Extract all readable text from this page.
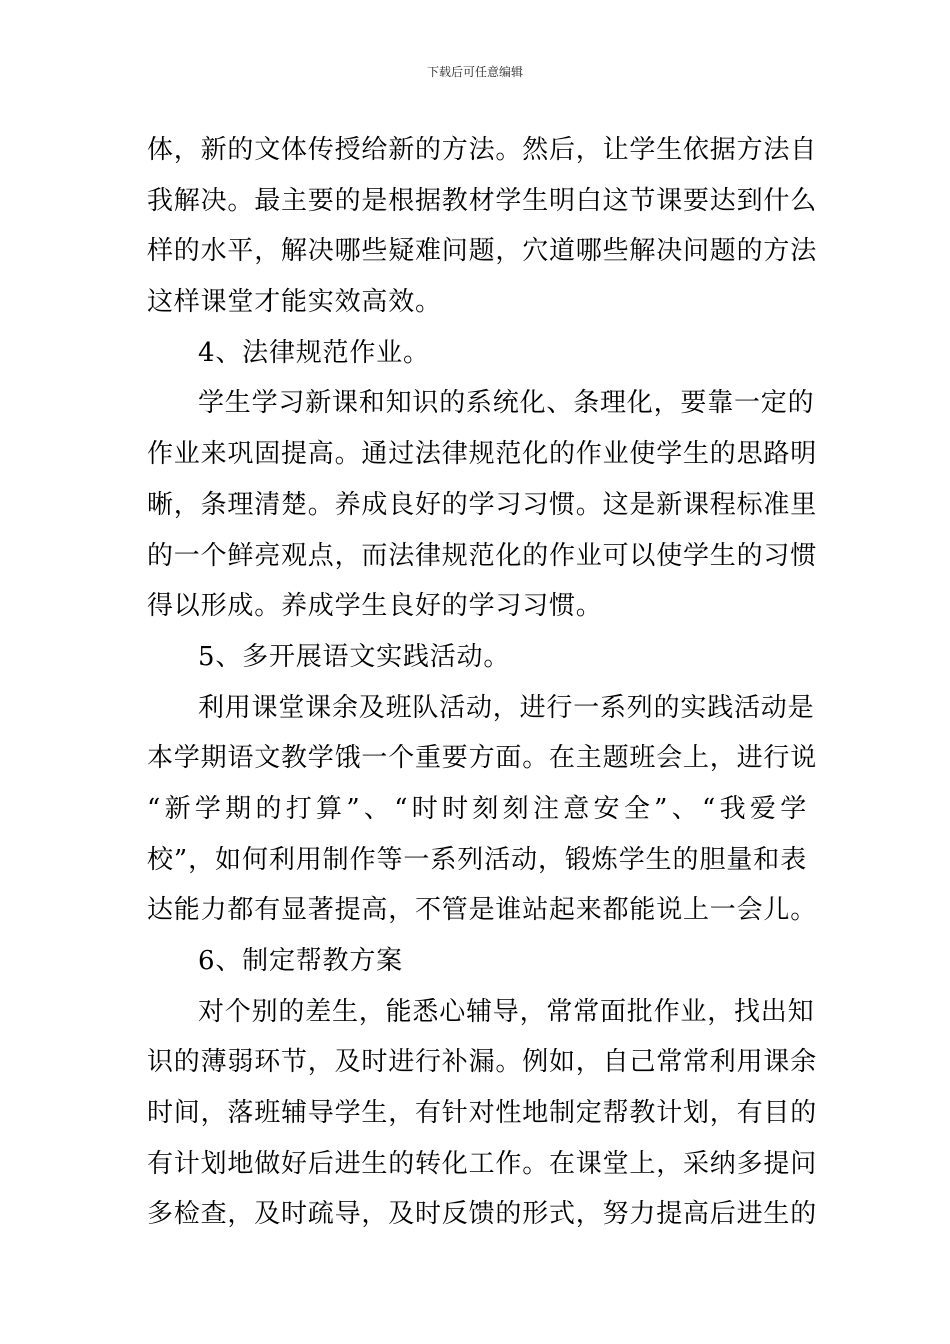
下载后可任意编辑
体，新的文体传授给新的方法。然后，让学生依据方法自
我解决。最主要的是根据教材学生明白这节课要达到什么
样的水平，解决哪些疑难问题，穴道哪些解决问题的方法
这样课堂才能实效高效。
4、法律规范作业。
学生学习新课和知识的系统化、条理化，要靠一定的
作业来巩固提高。通过法律规范化的作业使学生的思路明
晰，条理清楚。养成良好的学习习惯。这是新课程标准里
的一个鲜亮观点，而法律规范化的作业可以使学生的习惯
得以形成。养成学生良好的学习习惯。
5、多开展语文实践活动。
利用课堂课余及班队活动，进行一系列的实践活动是
本学期语文教学饿一个重要方面。在主题班会上，进行说
“新学期的打算”、“时时刻刻注意安全”、“我爱学
校”，如何利用制作等一系列活动，锻炼学生的胆量和表
达能力都有显著提高，不管是谁站起来都能说上一会儿。
6、制定帮教方案
对个别的差生，能悉心辅导，常常面批作业，找出知
识的薄弱环节，及时进行补漏。例如，自己常常利用课余
时间，落班辅导学生，有针对性地制定帮教计划，有目的
有计划地做好后进生的转化工作。在课堂上，采纳多提问
多检查，及时疏导，及时反馈的形式，努力提高后进生的
